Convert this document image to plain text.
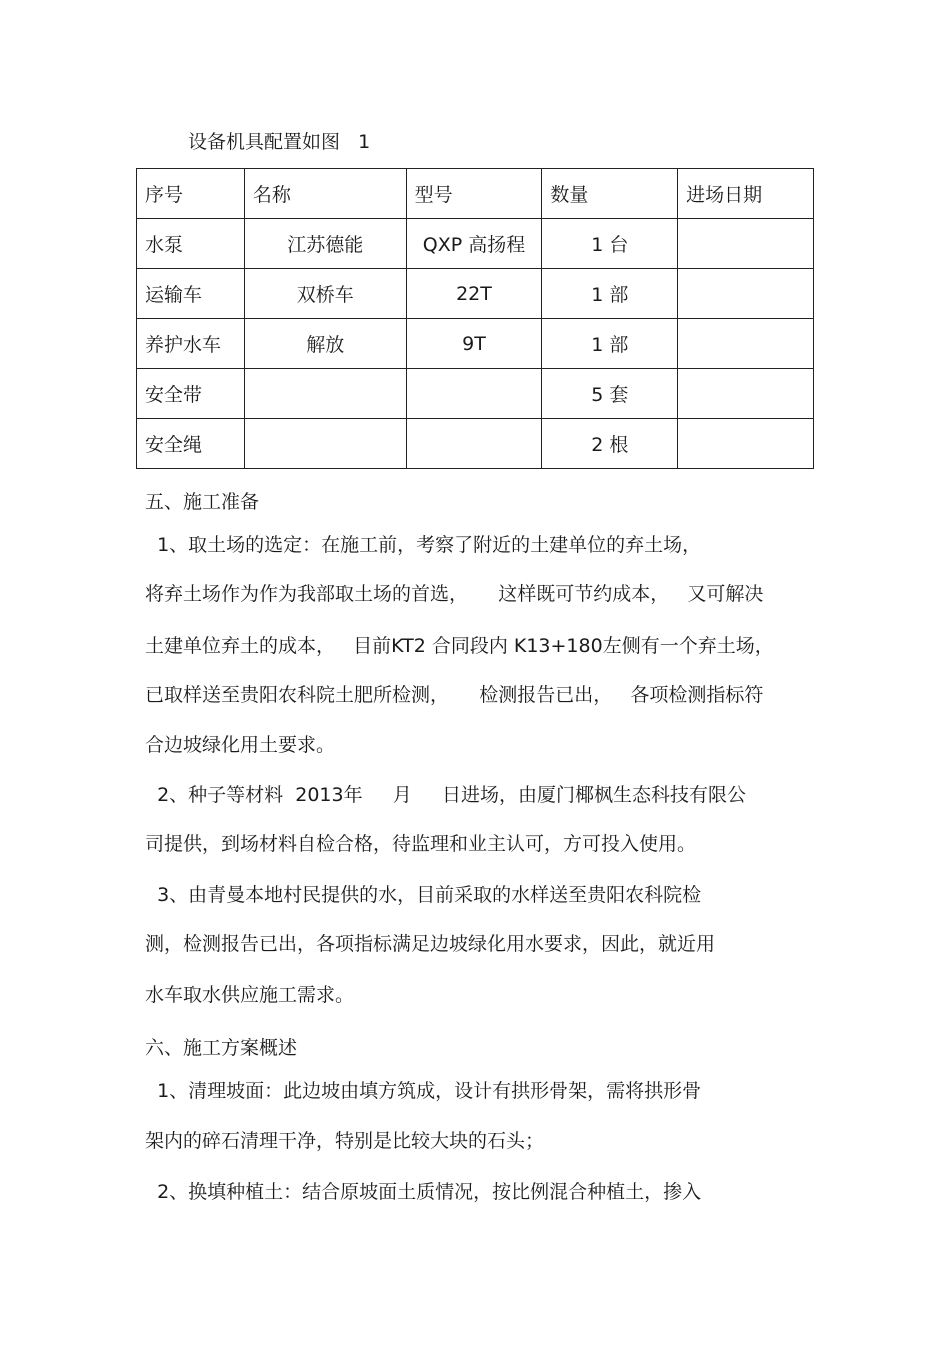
设备机具配置如图   1
序号	名称	型号	数量	进场日期
水泵	江苏德能	QXP 高扬程	1 台	
运输车	双桥车	22T	1 部	
养护水车	解放	9T	1 部	
安全带			5 套	
安全绳			2 根	
五、施工准备
1、取土场的选定：在施工前，考察了附近的土建单位的弃土场，
将弃土场作为作为我部取土场的首选，     这样既可节约成本，   又可解决
土建单位弃土的成本，   目前KT2 合同段内 K13+180左侧有一个弃土场，
已取样送至贵阳农科院土肥所检测，     检测报告已出，   各项检测指标符
合边坡绿化用土要求。
2、种子等材料  2013年     月     日进场，由厦门椰枫生态科技有限公
司提供，到场材料自检合格，待监理和业主认可，方可投入使用。
3、由青曼本地村民提供的水，目前采取的水样送至贵阳农科院检
测，检测报告已出，各项指标满足边坡绿化用水要求，因此，就近用
水车取水供应施工需求。
六、施工方案概述
1、清理坡面：此边坡由填方筑成，设计有拱形骨架，需将拱形骨
架内的碎石清理干净，特别是比较大块的石头；
2、换填种植土：结合原坡面土质情况，按比例混合种植土，掺入
